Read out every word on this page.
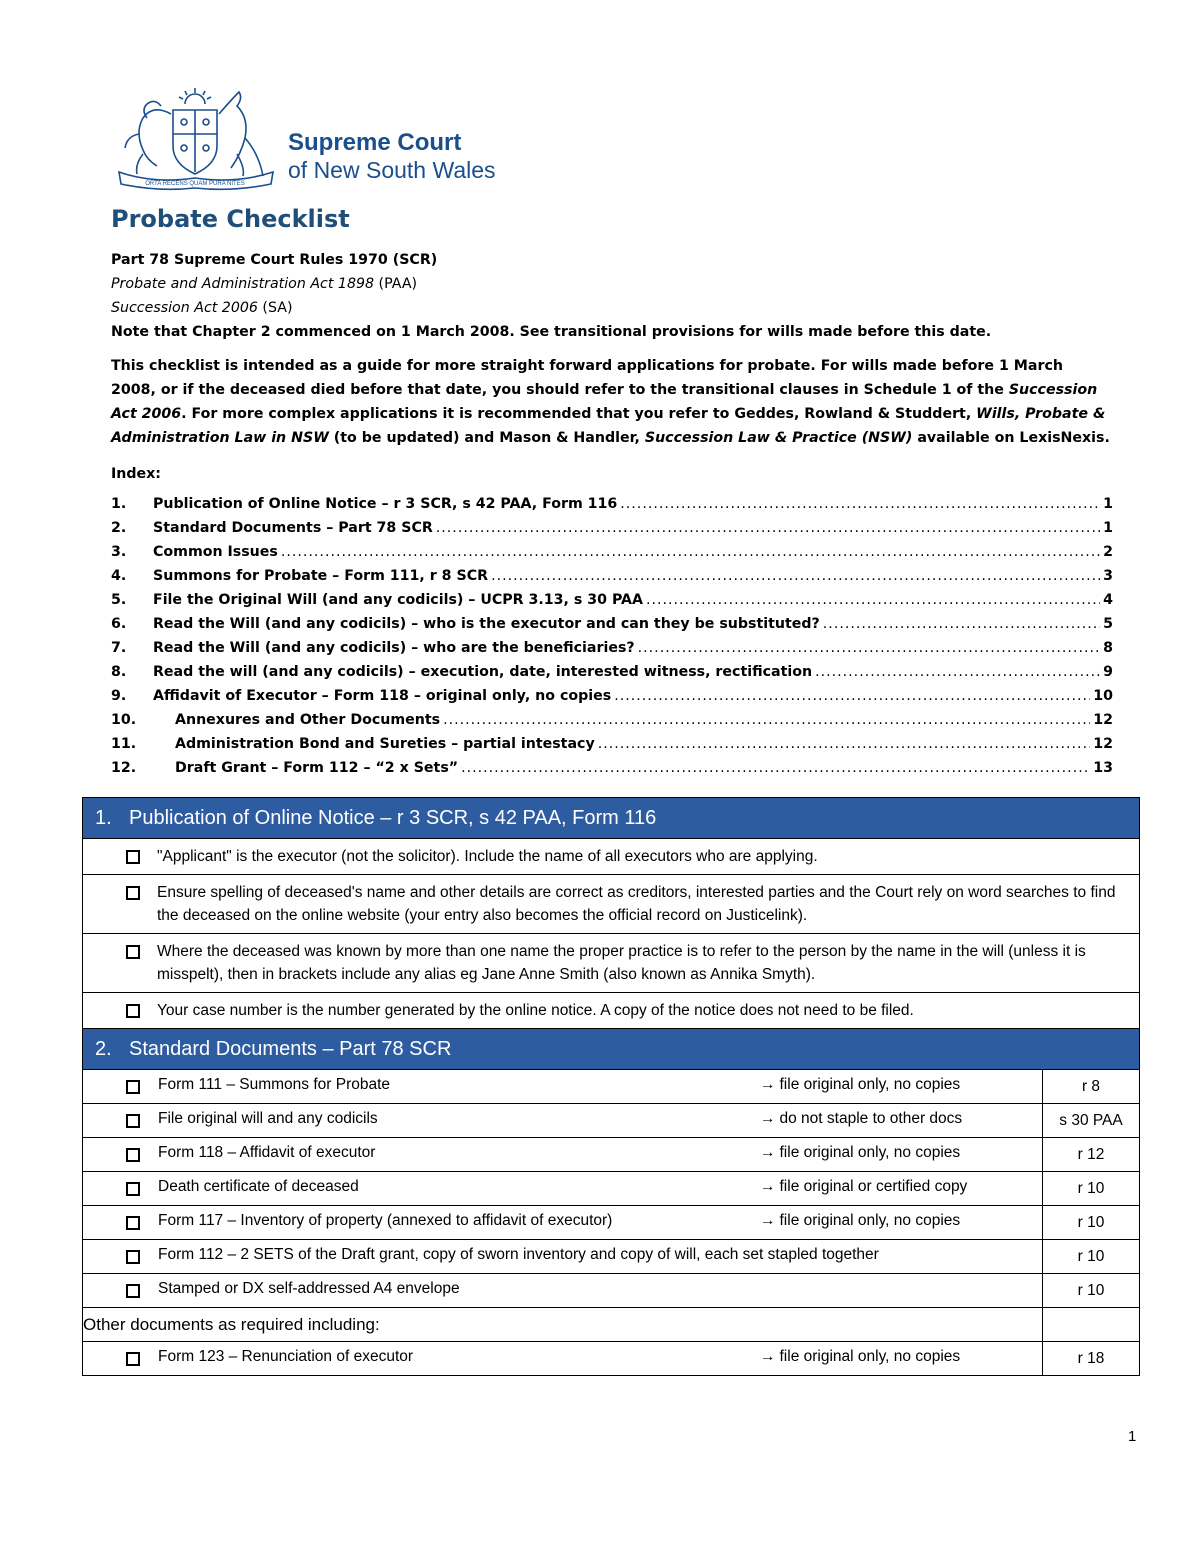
ORTA RECENS QUAM PURA NITES
Supreme Court
of New South Wales
Probate Checklist

Part 78 Supreme Court Rules 1970 (SCR)

Probate and Administration Act 1898 (PAA)

Succession Act 2006 (SA)

Note that Chapter 2 commenced on 1 March 2008. See transitional provisions for wills made before this date.

This checklist is intended as a guide for more straight forward applications for probate. For wills made before 1 March 2008, or if the deceased died before that date, you should refer to the transitional clauses in Schedule 1 of the Succession Act 2006. For more complex applications it is recommended that you refer to Geddes, Rowland & Studdert, Wills, Probate & Administration Law in NSW (to be updated) and Mason & Handler, Succession Law & Practice (NSW) available on LexisNexis.

Index:

1.	Publication of Online Notice – r 3 SCR, s 42 PAA, Form 116 .....	1
2.	Standard Documents – Part 78 SCR .....	1
3.	Common Issues .....	2
4.	Summons for Probate – Form 111, r 8 SCR .....	3
5.	File the Original Will (and any codicils) – UCPR 3.13, s 30 PAA .....	4
6.	Read the Will (and any codicils) – who is the executor and can they be substituted? .....	5
7.	Read the Will (and any codicils) – who are the beneficiaries? .....	8
8.	Read the will (and any codicils) – execution, date, interested witness, rectification .....	9
9.	Affidavit of Executor – Form 118 – original only, no copies .....	10
10.	Annexures and Other Documents .....	12
11.	Administration Bond and Sureties – partial intestacy .....	12
12.	Draft Grant – Form 112 – “2 x Sets” .....	13
1. Publication of Online Notice – r 3 SCR, s 42 PAA, Form 116	

"Applicant" is the executor (not the solicitor). Include the name of all executors who are applying.	

Ensure spelling of deceased's name and other details are correct as creditors, interested parties and the Court rely on word searches to find the deceased on the online website (your entry also becomes the official record on Justicelink).	

Where the deceased was known by more than one name the proper practice is to refer to the person by the name in the will (unless it is misspelt), then in brackets include any alias eg Jane Anne Smith (also known as Annika Smyth).	

Your case number is the number generated by the online notice. A copy of the notice does not need to be filed.	

2. Standard Documents – Part 78 SCR	

Form 111 – Summons for Probate → file original only, no copies	r 8

File original will and any codicils → do not staple to other docs	s 30 PAA

Form 118 – Affidavit of executor → file original only, no copies	r 12

Death certificate of deceased → file original or certified copy	r 10

Form 117 – Inventory of property (annexed to affidavit of executor) → file original only, no copies	r 10

Form 112 – 2 SETS of the Draft grant, copy of sworn inventory and copy of will, each set stapled together	r 10

Stamped or DX self-addressed A4 envelope	r 10
Other documents as required including:	

Form 123 – Renunciation of executor → file original only, no copies	r 18
1
